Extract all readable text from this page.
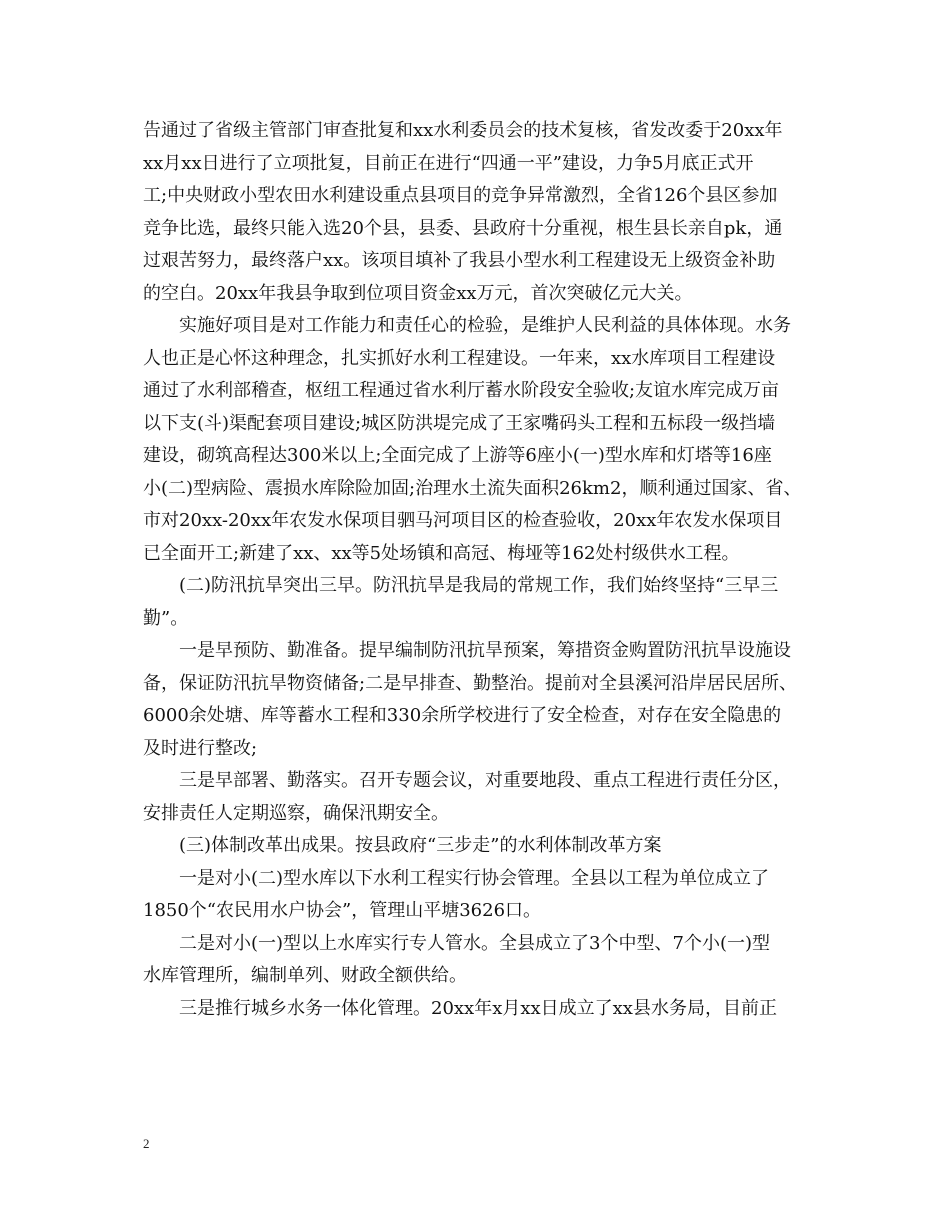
告通过了省级主管部门审查批复和xx水利委员会的技术复核，省发改委于20xx年
xx月xx日进行了立项批复，目前正在进行“四通一平”建设，力争5月底正式开
工;中央财政小型农田水利建设重点县项目的竞争异常激烈，全省126个县区参加
竞争比选，最终只能入选20个县，县委、县政府十分重视，根生县长亲自pk，通
过艰苦努力，最终落户xx。该项目填补了我县小型水利工程建设无上级资金补助
的空白。20xx年我县争取到位项目资金xx万元，首次突破亿元大关。
实施好项目是对工作能力和责任心的检验，是维护人民利益的具体体现。水务
人也正是心怀这种理念，扎实抓好水利工程建设。一年来，xx水库项目工程建设
通过了水利部稽查，枢纽工程通过省水利厅蓄水阶段安全验收;友谊水库完成万亩
以下支(斗)渠配套项目建设;城区防洪堤完成了王家嘴码头工程和五标段一级挡墙
建设，砌筑高程达300米以上;全面完成了上游等6座小(一)型水库和灯塔等16座
小(二)型病险、震损水库除险加固;治理水土流失面积26km2，顺利通过国家、省、
市对20xx-20xx年农发水保项目驷马河项目区的检查验收，20xx年农发水保项目
已全面开工;新建了xx、xx等5处场镇和高冠、梅垭等162处村级供水工程。
(二)防汛抗旱突出三早。防汛抗旱是我局的常规工作，我们始终坚持“三早三
勤”。
一是早预防、勤准备。提早编制防汛抗旱预案，筹措资金购置防汛抗旱设施设
备，保证防汛抗旱物资储备;二是早排查、勤整治。提前对全县溪河沿岸居民居所、
6000余处塘、库等蓄水工程和330余所学校进行了安全检查，对存在安全隐患的
及时进行整改;
三是早部署、勤落实。召开专题会议，对重要地段、重点工程进行责任分区，
安排责任人定期巡察，确保汛期安全。
(三)体制改革出成果。按县政府“三步走”的水利体制改革方案
一是对小(二)型水库以下水利工程实行协会管理。全县以工程为单位成立了
1850个“农民用水户协会”，管理山平塘3626口。
二是对小(一)型以上水库实行专人管水。全县成立了3个中型、7个小(一)型
水库管理所，编制单列、财政全额供给。
三是推行城乡水务一体化管理。20xx年x月xx日成立了xx县水务局，目前正
2
